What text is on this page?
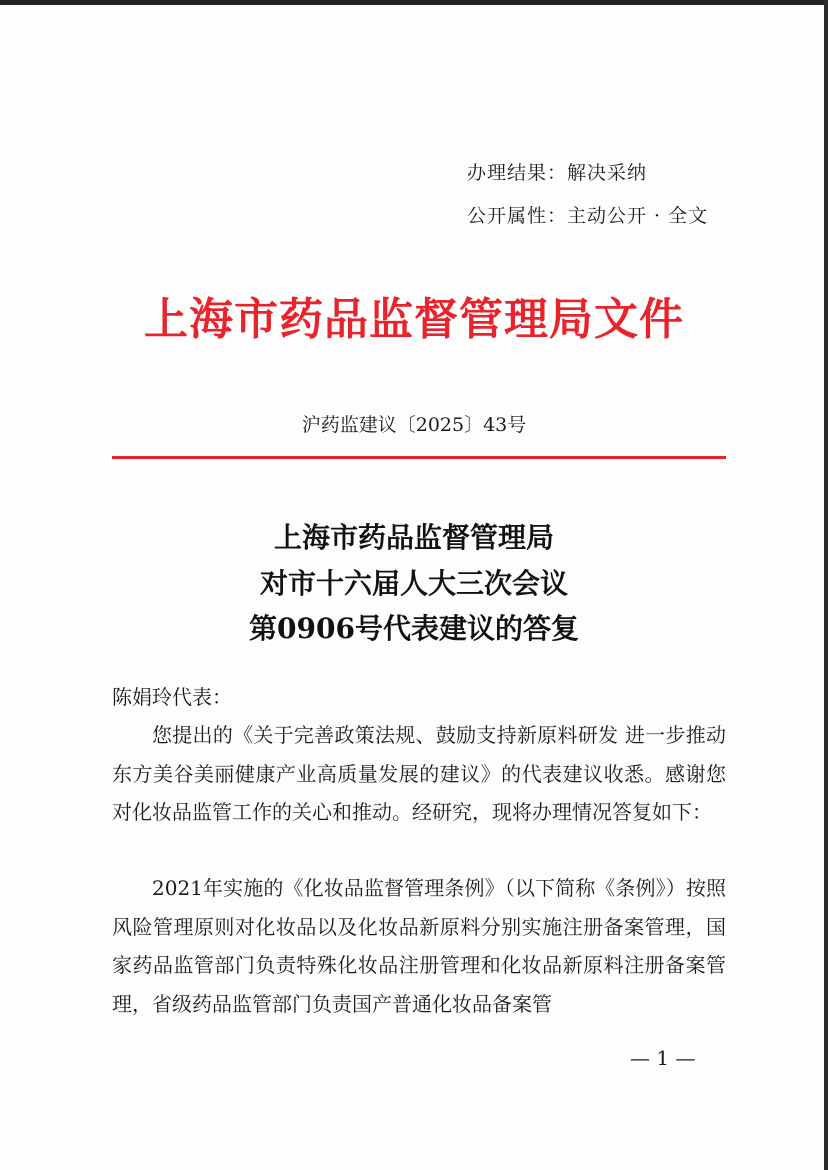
办理结果：解决采纳
公开属性：主动公开 · 全文
上海市药品监督管理局文件
沪药监建议〔2025〕43号
上海市药品监督管理局
对市十六届人大三次会议
第0906号代表建议的答复
陈娟玲代表：

您提出的《关于完善政策法规、鼓励支持新原料研发 进一步推动东方美谷美丽健康产业高质量发展的建议》的代表建议收悉。感谢您对化妆品监管工作的关心和推动。经研究，现将办理情况答复如下：

2021年实施的《化妆品监督管理条例》（以下简称《条例》）按照风险管理原则对化妆品以及化妆品新原料分别实施注册备案管理，国家药品监管部门负责特殊化妆品注册管理和化妆品新原料注册备案管理，省级药品监管部门负责国产普通化妆品备案管

— 1 —
